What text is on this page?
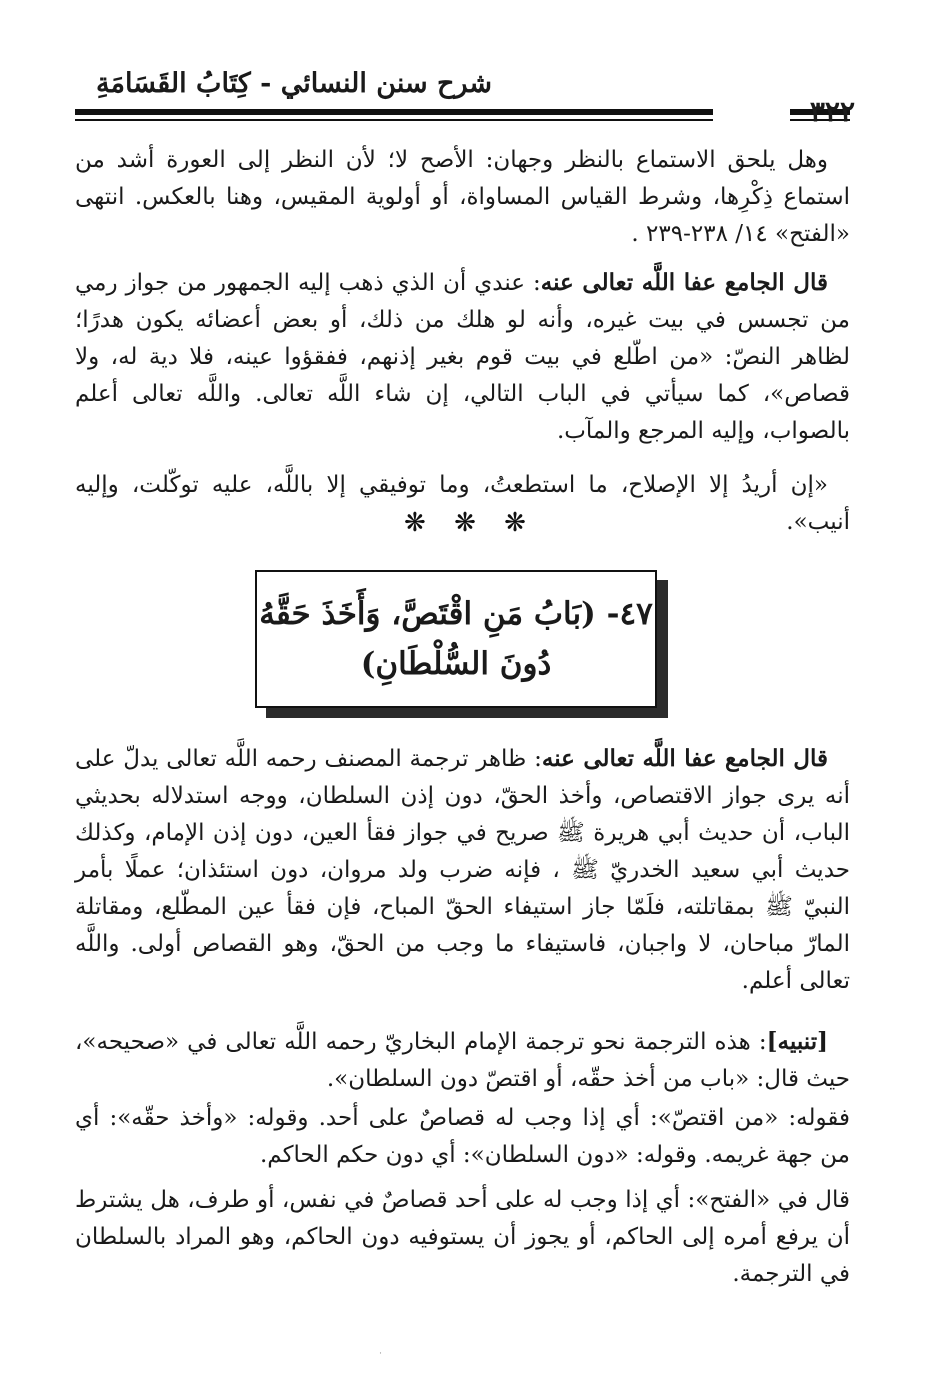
شرح سنن النسائي - كِتَابُ القَسَامَةِ
٣٢٢
وهل يلحق الاستماع بالنظر وجهان: الأصح لا؛ لأن النظر إلى العورة أشد من استماع ذِكْرِها، وشرط القياس المساواة، أو أولوية المقيس، وهنا بالعكس. انتهى «الفتح» ١٤/ ٢٣٨-٢٣٩ .
قال الجامع عفا اللَّه تعالى عنه: عندي أن الذي ذهب إليه الجمهور من جواز رمي من تجسس في بيت غيره، وأنه لو هلك من ذلك، أو بعض أعضائه يكون هدرًا؛ لظاهر النصّ: «من اطّلع في بيت قوم بغير إذنهم، ففقؤوا عينه، فلا دية له، ولا قصاص»، كما سيأتي في الباب التالي، إن شاء اللَّه تعالى. واللَّه تعالى أعلم بالصواب، وإليه المرجع والمآب.
«إن أريدُ إلا الإصلاح، ما استطعتُ، وما توفيقي إلا باللَّه، عليه توكّلت، وإليه أنيب».
❋ ❋ ❋
٤٧- (بَابُ مَنِ اقْتَصَّ، وَأَخَذَ حَقَّهُ
دُونَ السُّلْطَانِ)
قال الجامع عفا اللَّه تعالى عنه: ظاهر ترجمة المصنف رحمه اللَّه تعالى يدلّ على أنه يرى جواز الاقتصاص، وأخذ الحقّ، دون إذن السلطان، ووجه استدلاله بحديثي الباب، أن حديث أبي هريرة ﷺ صريح في جواز فقأ العين، دون إذن الإمام، وكذلك حديث أبي سعيد الخدريّ ﷺ ، فإنه ضرب ولد مروان، دون استئذان؛ عملًا بأمر النبيّ ﷺ بمقاتلته، فلَمّا جاز استيفاء الحقّ المباح، فإن فقأ عين المطّلع، ومقاتلة المارّ مباحان، لا واجبان، فاستيفاء ما وجب من الحقّ، وهو القصاص أولى. واللَّه تعالى أعلم.
[تنبيه]: هذه الترجمة نحو ترجمة الإمام البخاريّ رحمه اللَّه تعالى في «صحيحه»، حيث قال: «باب من أخذ حقّه، أو اقتصّ دون السلطان».
فقوله: «من اقتصّ»: أي إذا وجب له قصاصٌ على أحد. وقوله: «وأخذ حقّه»: أي من جهة غريمه. وقوله: «دون السلطان»: أي دون حكم الحاكم.
قال في «الفتح»: أي إذا وجب له على أحد قصاصٌ في نفس، أو طرف، هل يشترط أن يرفع أمره إلى الحاكم، أو يجوز أن يستوفيه دون الحاكم، وهو المراد بالسلطان في الترجمة.
˙
